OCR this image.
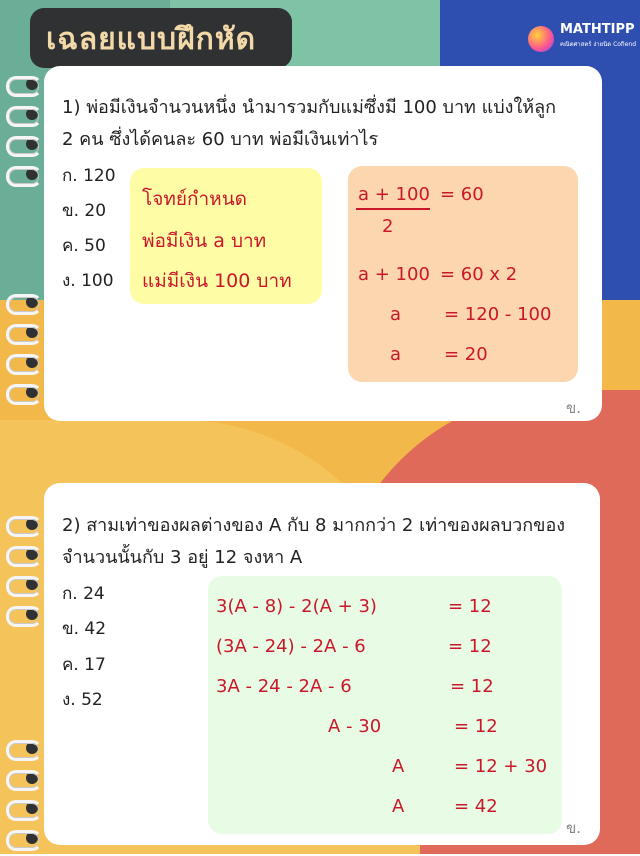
เฉลยแบบฝึกหัด	MATHTIPP
คณิตศาสตร์ ง่ายนิด Cofiend
1) พ่อมีเงินจำนวนหนึ่ง นำมารวมกับแม่ซึ่งมี 100 บาท แบ่งให้ลูก
2 คน ซึ่งได้คนละ 60 บาท พ่อมีเงินเท่าไร
ก. 120
ข. 20
ค. 50
ง. 100
โจทย์กำหนด
พ่อมีเงิน a บาท
แม่มีเงิน 100 บาท
a + 100 = 60
2
a + 100 = 60 x 2
a = 120 - 100
a = 20
ข.
2) สามเท่าของผลต่างของ A กับ 8 มากกว่า 2 เท่าของผลบวกของ
จำนวนนั้นกับ 3 อยู่ 12 จงหา A
ก. 24
ข. 42
ค. 17
ง. 52
3(A - 8) - 2(A + 3)	= 12
(3A - 24) - 2A - 6	= 12
3A - 24 - 2A - 6	= 12
A - 30	= 12
A	= 12 + 30
A	= 42
ข.
